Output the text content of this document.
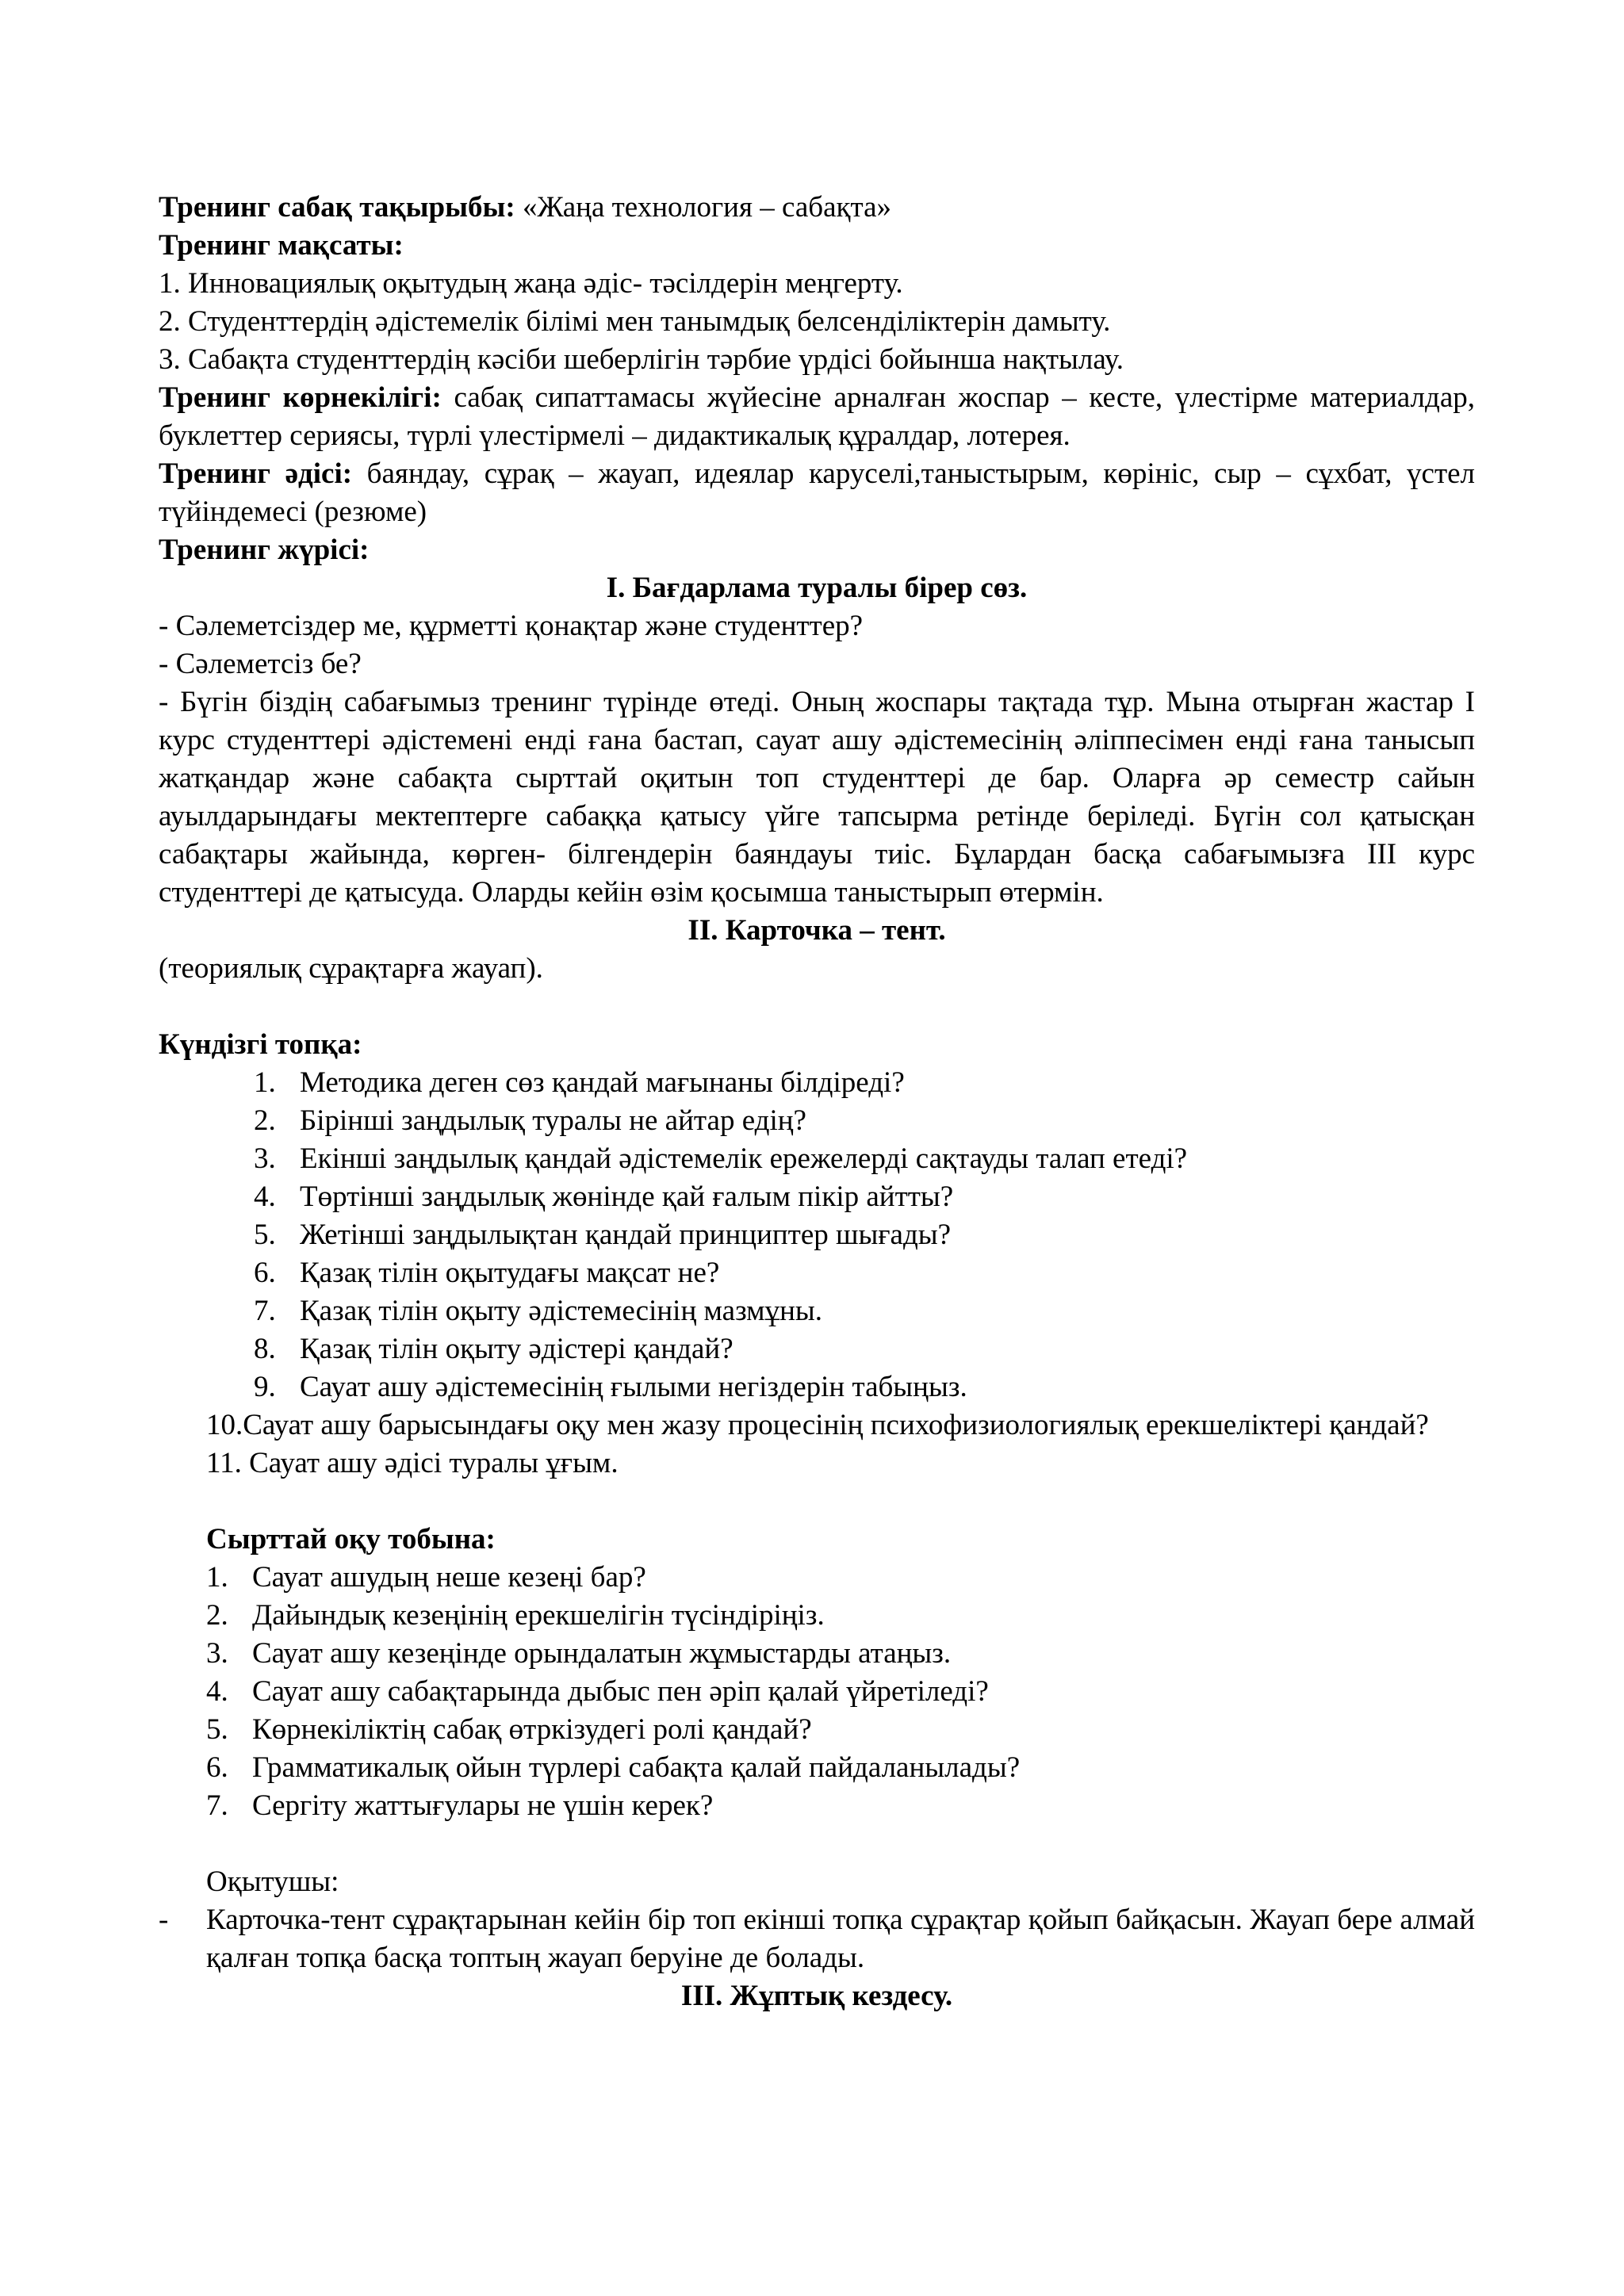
Тренинг сабақ тақырыбы: «Жаңа технология – сабақта»

Тренинг мақсаты:

1. Инновациялық оқытудың жаңа әдіс- тәсілдерін меңгерту.

2. Студенттердің әдістемелік білімі мен танымдық белсенділіктерін дамыту.

3. Сабақта студенттердің кәсіби шеберлігін тәрбие үрдісі бойынша нақтылау.

Тренинг көрнекілігі: сабақ сипаттамасы жүйесіне арналған жоспар – кесте, үлестірме материалдар, буклеттер сериясы, түрлі үлестірмелі – дидактикалық құралдар, лотерея.

Тренинг әдісі: баяндау, сұрақ – жауап, идеялар каруселі,таныстырым, көрініс, сыр – сұхбат, үстел түйіндемесі (резюме)

Тренинг жүрісі:

І. Бағдарлама туралы бірер сөз.

- Сәлеметсіздер ме, құрметті қонақтар және студенттер?

- Сәлеметсіз бе?

- Бүгін біздің сабағымыз тренинг түрінде өтеді. Оның жоспары тақтада тұр. Мына отырған жастар І курс студенттері әдістемені енді ғана бастап, сауат ашу әдістемесінің әліппесімен енді ғана танысып жатқандар және сабақта сырттай оқитын топ студенттері де бар. Оларға әр семестр сайын ауылдарындағы мектептерге сабаққа қатысу үйге тапсырма ретінде беріледі. Бүгін сол қатысқан сабақтары жайында, көрген- білгендерін баяндауы тиіс. Бұлардан басқа сабағымызға ІІІ курс студенттері де қатысуда. Оларды кейін өзім қосымша таныстырып өтермін.

ІІ. Карточка – тент.

(теориялық сұрақтарға жауап).

Күндізгі топқа:

1. Методика деген сөз қандай мағынаны білдіреді?
2. Бірінші заңдылық туралы не айтар едің?
3. Екінші заңдылық қандай әдістемелік ережелерді сақтауды талап етеді?
4. Төртінші заңдылық жөнінде қай ғалым пікір айтты?
5. Жетінші заңдылықтан қандай принциптер шығады?
6. Қазақ тілін оқытудағы мақсат не?
7. Қазақ тілін оқыту әдістемесінің мазмұны.
8. Қазақ тілін оқыту әдістері қандай?
9. Сауат ашу әдістемесінің ғылыми негіздерін табыңыз.

10.Сауат ашу барысындағы оқу мен жазу процесінің психофизиологиялық ерекшеліктері қандай?

11. Сауат ашу әдісі туралы ұғым.

Сырттай оқу тобына:

1. Сауат ашудың неше кезеңі бар?
2. Дайындық кезеңінің ерекшелігін түсіндіріңіз.
3. Сауат ашу кезеңінде орындалатын жұмыстарды атаңыз.
4. Сауат ашу сабақтарында дыбыс пен әріп қалай үйретіледі?
5. Көрнекіліктің сабақ өтркізудегі ролі қандай?
6. Грамматикалық ойын түрлері сабақта қалай пайдаланылады?
7. Сергіту жаттығулары не үшін керек?

Оқытушы:

-	Карточка-тент сұрақтарынан кейін бір топ екінші топқа сұрақтар қойып байқасын. Жауап бере алмай қалған топқа басқа топтың жауап беруіне де болады.

ІІІ. Жұптық кездесу.
